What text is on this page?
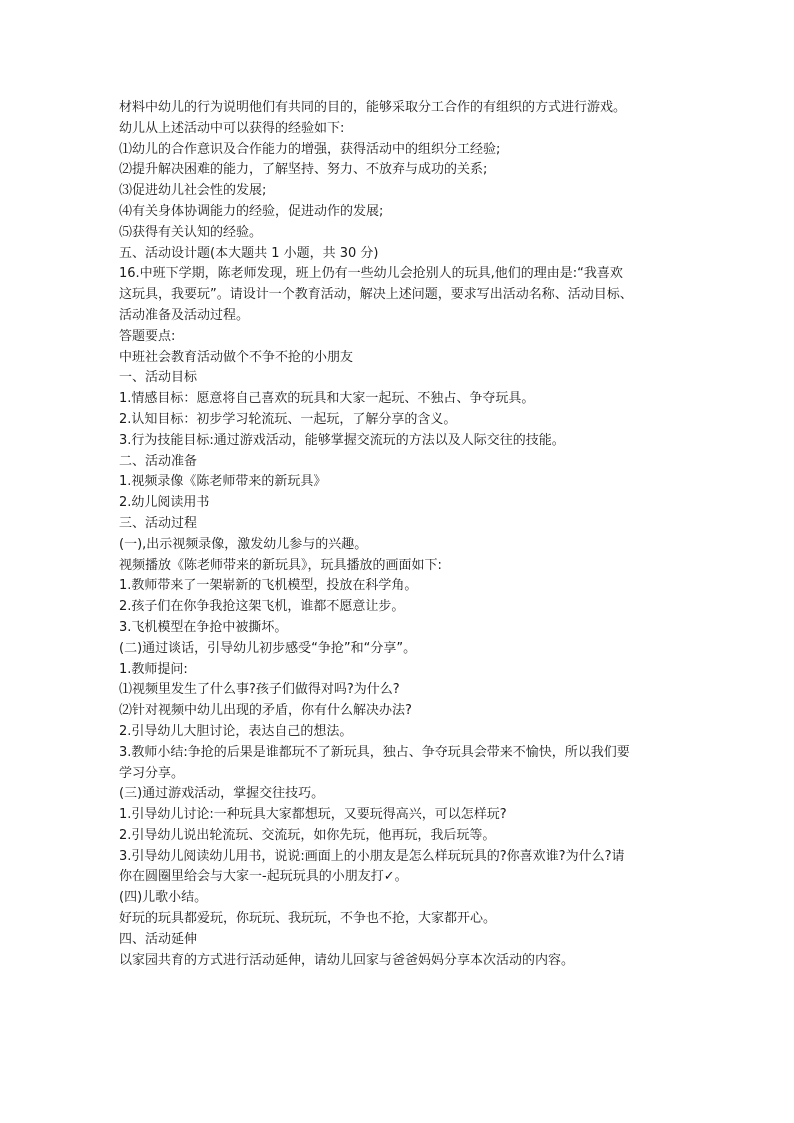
材料中幼儿的行为说明他们有共同的目的，能够采取分工合作的有组织的方式进行游戏。
幼儿从上述活动中可以获得的经验如下:
⑴幼儿的合作意识及合作能力的增强，获得活动中的组织分工经验;
⑵提升解决困难的能力，了解坚持、努力、不放弃与成功的关系;
⑶促进幼儿社会性的发展;
⑷有关身体协调能力的经验，促进动作的发展;
⑸获得有关认知的经验。
五、活动设计题(本大题共 1 小题，共 30 分)
16.中班下学期，陈老师发现，班上仍有一些幼儿会抢别人的玩具,他们的理由是:“我喜欢
这玩具，我要玩”。请设计一个教育活动，解决上述问题，要求写出活动名称、活动目标、
活动准备及活动过程。
答题要点:
中班社会教育活动做个不争不抢的小朋友
一、活动目标
1.情感目标：愿意将自己喜欢的玩具和大家一起玩、不独占、争夺玩具。
2.认知目标：初步学习轮流玩、一起玩，了解分享的含义。
3.行为技能目标:通过游戏活动，能够掌握交流玩的方法以及人际交往的技能。
二、活动准备
1.视频录像《陈老师带来的新玩具》
2.幼儿阅读用书
三、活动过程
(一),出示视频录像，激发幼儿参与的兴趣。
视频播放《陈老师带来的新玩具》，玩具播放的画面如下:
1.教师带来了一架崭新的飞机模型，投放在科学角。
2.孩子们在你争我抢这架飞机，谁都不愿意让步。
3.飞机模型在争抢中被撕坏。
(二)通过谈话，引导幼儿初步感受“争抢”和“分享”。
1.教师提问:
⑴视频里发生了什么事?孩子们做得对吗?为什么?
⑵针对视频中幼儿出现的矛盾，你有什么解决办法?
2.引导幼儿大胆讨论，表达自己的想法。
3.教师小结:争抢的后果是谁都玩不了新玩具，独占、争夺玩具会带来不愉快，所以我们要
学习分享。
(三)通过游戏活动，掌握交往技巧。
1.引导幼儿讨论:一种玩具大家都想玩，又要玩得高兴，可以怎样玩?
2.引导幼儿说出轮流玩、交流玩，如你先玩，他再玩，我后玩等。
3.引导幼儿阅读幼儿用书，说说:画面上的小朋友是怎么样玩玩具的?你喜欢谁?为什么?请
你在圆圈里给会与大家一-起玩玩具的小朋友打✓。
(四)儿歌小结。
好玩的玩具都爱玩，你玩玩、我玩玩，不争也不抢，大家都开心。
四、活动延伸
以家园共育的方式进行活动延伸，请幼儿回家与爸爸妈妈分享本次活动的内容。
